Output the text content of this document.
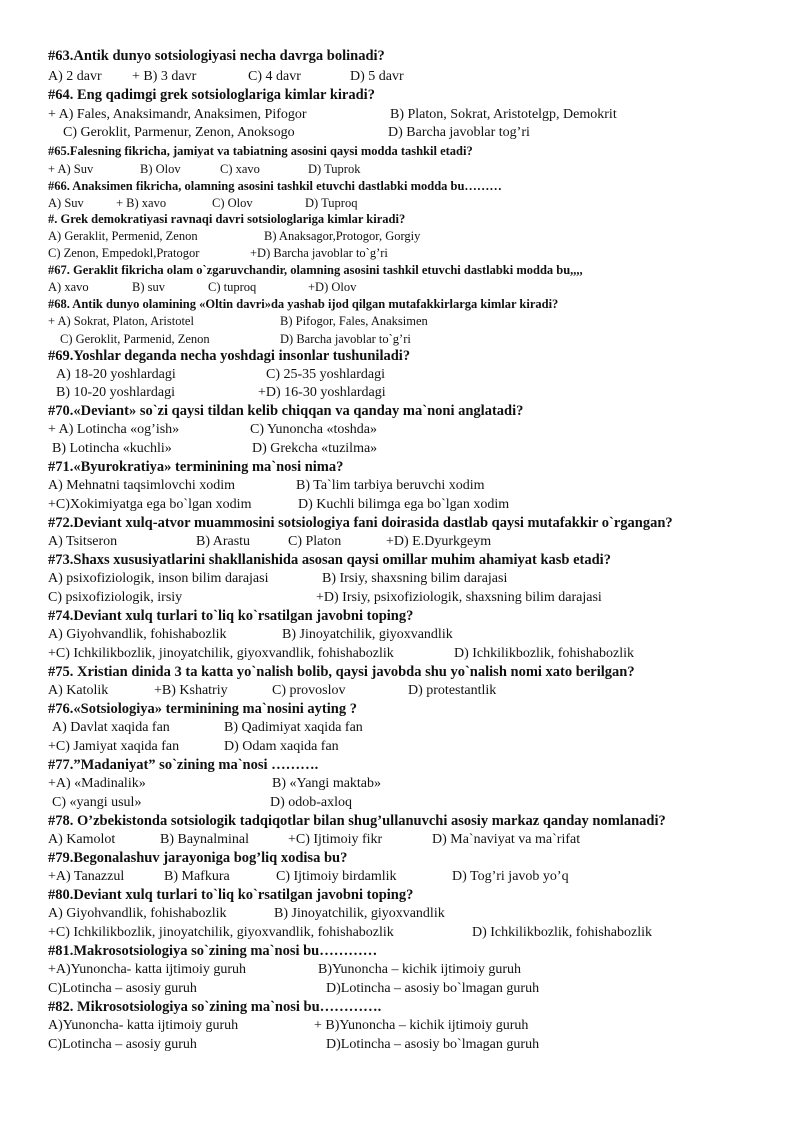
#63.Antik dunyo sotsiologiyasi necha davrga bolinadi?
A) 2 davr + B) 3 davr	C) 4 davr	D) 5 davr
#64. Eng qadimgi grek sotsiologlariga kimlar kiradi?
+ A) Fales, Anaksimandr, Anaksimen, Pifogor	B) Platon, Sokrat, Aristotelgp, Demokrit
C) Geroklit, Parmenur, Zenon, Anoksogo	D) Barcha javoblar tog’ri
#65.Falesning fikricha, jamiyat va tabiatning asosini qaysi modda tashkil etadi?
+ A) Suv	B) Olov	C) xavo	D) Tuprok
#66. Anaksimen fikricha, olamning asosini tashkil etuvchi dastlabki modda bu………
A) Suv	+ B) xavo	C) Olov	D) Tuproq
#. Grek demokratiyasi ravnaqi davri sotsiologlariga kimlar kiradi?
A) Geraklit, Permenid, Zenon	B) Anaksagor,Protogor, Gorgiy
C) Zenon, Empedokl,Pratogor	+D) Barcha javoblar to`g’ri
#67. Geraklit fikricha olam o`zgaruvchandir, olamning asosini tashkil etuvchi dastlabki modda bu,,,,
A) xavo	B) suv	C) tuproq	+D) Olov
#68. Antik dunyo olamining «Oltin davri»da yashab ijod qilgan mutafakkirlarga kimlar kiradi?
+ A) Sokrat, Platon, Aristotel	B) Pifogor, Fales, Anaksimen
C) Geroklit, Parmenid, Zenon	D) Barcha javoblar to`g’ri
#69.Yoshlar deganda necha yoshdagi insonlar tushuniladi?
A) 18-20 yoshlardagi	C) 25-35 yoshlardagi
B) 10-20 yoshlardagi	+D) 16-30 yoshlardagi
#70.«Deviant» so`zi qaysi tildan kelib chiqqan va qanday ma`noni anglatadi?
+ A) Lotincha «og’ish»	C) Yunoncha «toshda»
B) Lotincha «kuchli»	D) Grekcha «tuzilma»
#71.«Byurokratiya» terminining ma`nosi nima?
A) Mehnatni taqsimlovchi xodim	B) Ta`lim tarbiya beruvchi xodim
+C)Xokimiyatga ega bo`lgan xodim	D) Kuchli bilimga ega bo`lgan xodim
#72.Deviant xulq-atvor muammosini sotsiologiya fani doirasida dastlab qaysi mutafakkir o`rgangan?
A) Tsitseron	B) Arastu	C) Platon	+D) E.Dyurkgeym
#73.Shaxs xususiyatlarini shakllanishida asosan qaysi omillar muhim ahamiyat kasb etadi?
A) psixofiziologik, inson bilim darajasi	B) Irsiy, shaxsning bilim darajasi
C) psixofiziologik, irsiy	+D) Irsiy, psixofiziologik, shaxsning bilim darajasi
#74.Deviant xulq turlari to`liq ko`rsatilgan javobni toping?
A) Giyohvandlik, fohishabozlik	B) Jinoyatchilik, giyoxvandlik
+C) Ichkilikbozlik, jinoyatchilik, giyoxvandlik, fohishabozlik	D) Ichkilikbozlik, fohishabozlik
#75. Xristian dinida 3 ta katta yo`nalish bolib, qaysi javobda shu yo`nalish nomi xato berilgan?
A) Katolik	+B) Kshatriy	C) provoslov	D) protestantlik
#76.«Sotsiologiya» terminining ma`nosini ayting ?
A) Davlat xaqida fan	B) Qadimiyat xaqida fan
+C) Jamiyat xaqida fan	D) Odam xaqida fan
#77.”Madaniyat” so`zining ma`nosi ……….
+A) «Madinalik»	B) «Yangi maktab»
C) «yangi usul»	D) odob-axloq
#78. O’zbekistonda sotsiologik tadqiqotlar bilan shug’ullanuvchi asosiy markaz qanday nomlanadi?
A) Kamolot	B) Baynalminal	+C) Ijtimoiy fikr	D) Ma`naviyat va ma`rifat
#79.Begonalashuv jarayoniga bog’liq xodisa bu?
+A) Tanazzul	B) Mafkura	C) Ijtimoiy birdamlik	D) Tog’ri javob yo’q
#80.Deviant xulq turlari to`liq ko`rsatilgan javobni toping?
A) Giyohvandlik, fohishabozlik	B) Jinoyatchilik, giyoxvandlik
+C) Ichkilikbozlik, jinoyatchilik, giyoxvandlik, fohishabozlik	D) Ichkilikbozlik, fohishabozlik
#81.Makrosotsiologiya so`zining ma`nosi bu…………
+A)Yunoncha- katta ijtimoiy guruh	B)Yunoncha – kichik ijtimoiy guruh
C)Lotincha – asosiy guruh	D)Lotincha – asosiy bo`lmagan guruh
#82. Mikrosotsiologiya so`zining ma`nosi bu………….
A)Yunoncha- katta ijtimoiy guruh	+ B)Yunoncha – kichik ijtimoiy guruh
C)Lotincha – asosiy guruh	D)Lotincha – asosiy bo`lmagan guruh
